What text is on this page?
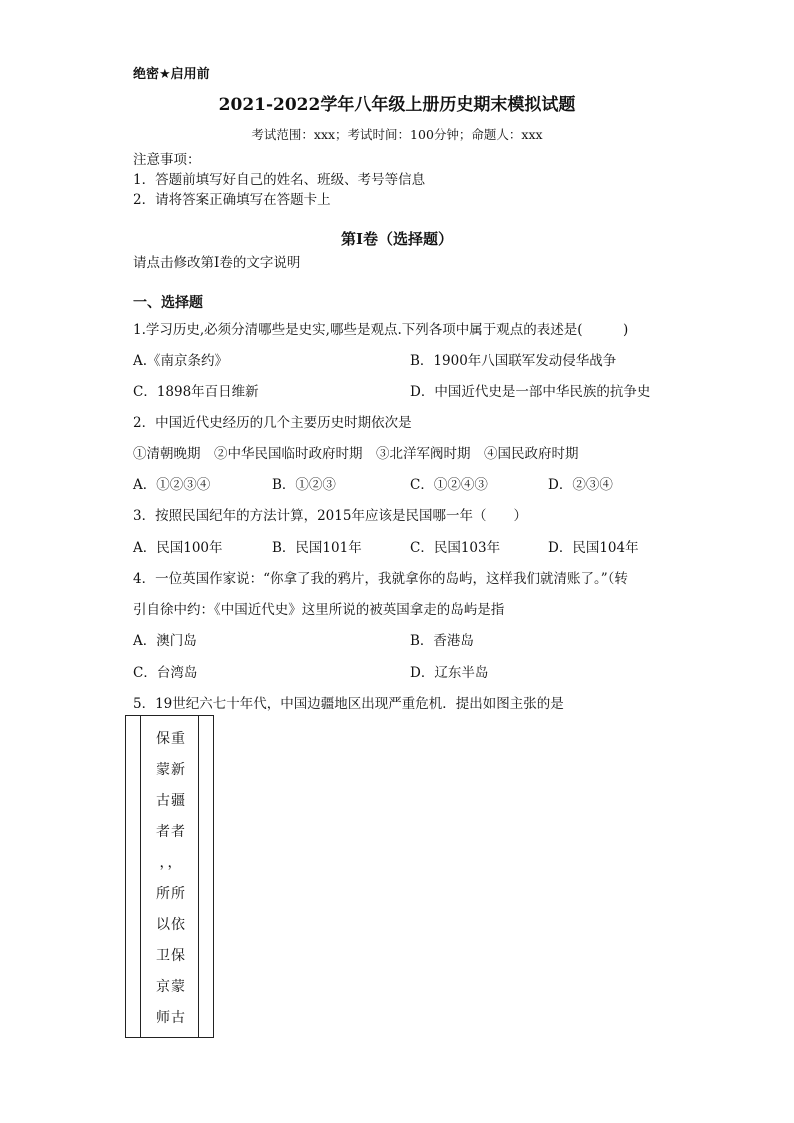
绝密★启用前
2021-2022学年八年级上册历史期末模拟试题
考试范围：xxx；考试时间：100分钟；命题人：xxx
注意事项：
1．答题前填写好自己的姓名、班级、考号等信息
2．请将答案正确填写在答题卡上
第I卷（选择题）
请点击修改第I卷的文字说明
一、选择题
1.学习历史,必须分清哪些是史实,哪些是观点.下列各项中属于观点的表述是(　　　)
A.《南京条约》	B．1900年八国联军发动侵华战争
C．1898年百日维新	D．中国近代史是一部中华民族的抗争史
2．中国近代史经历的几个主要历史时期依次是
①清朝晚期　②中华民国临时政府时期　③北洋军阀时期　④国民政府时期
A．①②③④	B．①②③	C．①②④③	D．②③④
3．按照民国纪年的方法计算，2015年应该是民国哪一年（　　）
A．民国100年	B．民国101年	C．民国103年	D．民国104年
4．一位英国作家说：“你拿了我的鸦片，我就拿你的岛屿，这样我们就清账了。”（转
引自徐中约：《中国近代史》这里所说的被英国拿走的岛屿是指
A．澳门岛	B．香港岛
C．台湾岛	D．辽东半岛
5．19世纪六七十年代，中国边疆地区出现严重危机．提出如图主张的是
保重
蒙新
古疆
者者
，，
所所
以依
卫保
京蒙
师古
